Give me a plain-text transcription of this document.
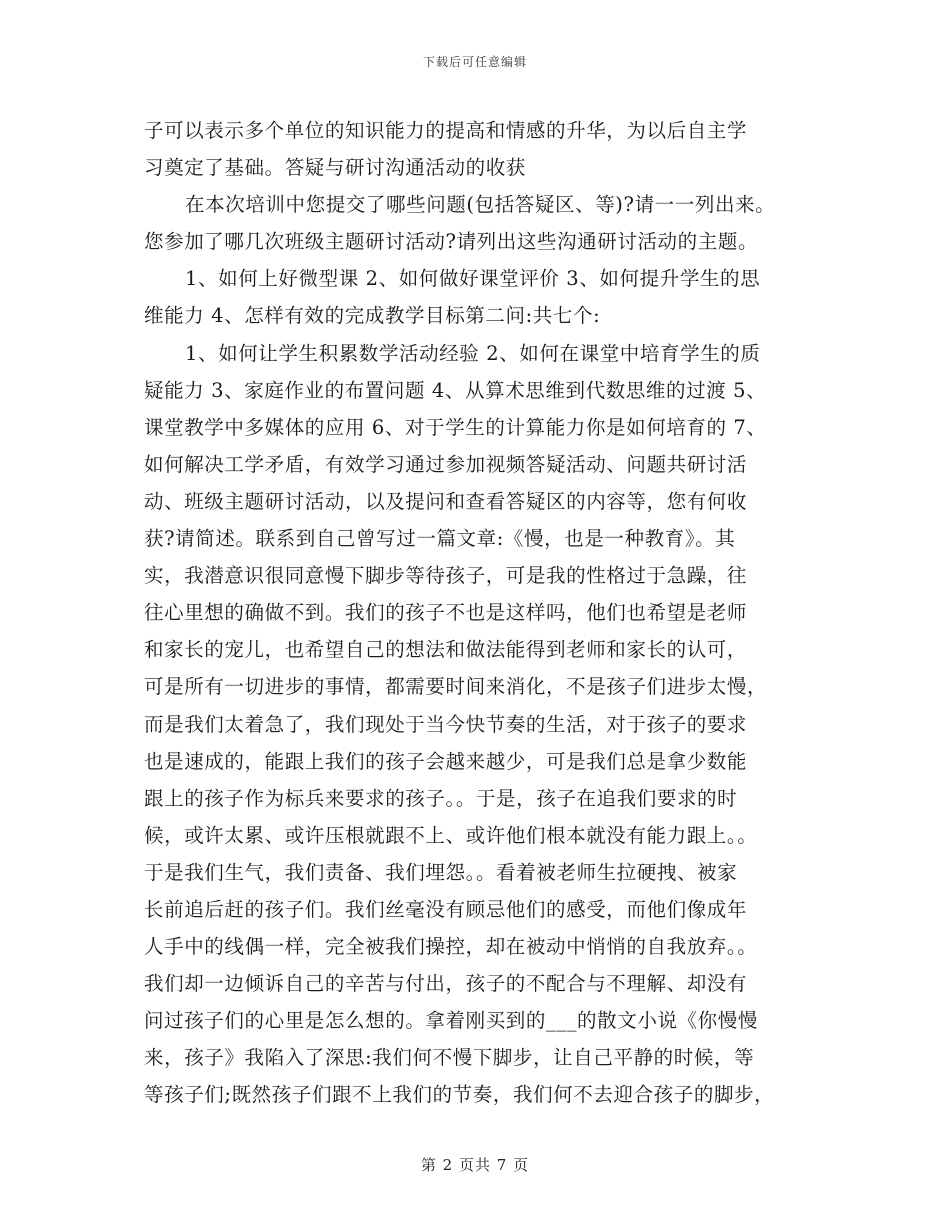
下载后可任意编辑
子可以表示多个单位的知识能力的提高和情感的升华，为以后自主学
习奠定了基础。答疑与研讨沟通活动的收获
在本次培训中您提交了哪些问题(包括答疑区、等)?请一一列出来。
您参加了哪几次班级主题研讨活动?请列出这些沟通研讨活动的主题。
1、如何上好微型课 2、如何做好课堂评价 3、如何提升学生的思
维能力 4、怎样有效的完成教学目标第二问:共七个:
1、如何让学生积累数学活动经验 2、如何在课堂中培育学生的质
疑能力 3、家庭作业的布置问题 4、从算术思维到代数思维的过渡 5、
课堂教学中多媒体的应用 6、对于学生的计算能力你是如何培育的 7、
如何解决工学矛盾，有效学习通过参加视频答疑活动、问题共研讨活
动、班级主题研讨活动，以及提问和查看答疑区的内容等，您有何收
获?请简述。联系到自己曾写过一篇文章:《慢，也是一种教育》。其
实，我潜意识很同意慢下脚步等待孩子，可是我的性格过于急躁，往
往心里想的确做不到。我们的孩子不也是这样吗，他们也希望是老师
和家长的宠儿，也希望自己的想法和做法能得到老师和家长的认可，
可是所有一切进步的事情，都需要时间来消化，不是孩子们进步太慢，
而是我们太着急了，我们现处于当今快节奏的生活，对于孩子的要求
也是速成的，能跟上我们的孩子会越来越少，可是我们总是拿少数能
跟上的孩子作为标兵来要求的孩子。。于是，孩子在追我们要求的时
候，或许太累、或许压根就跟不上、或许他们根本就没有能力跟上。。
于是我们生气，我们责备、我们埋怨。。看着被老师生拉硬拽、被家
长前追后赶的孩子们。我们丝毫没有顾忌他们的感受，而他们像成年
人手中的线偶一样，完全被我们操控，却在被动中悄悄的自我放弃。。
我们却一边倾诉自己的辛苦与付出，孩子的不配合与不理解、却没有
问过孩子们的心里是怎么想的。拿着刚买到的___的散文小说《你慢慢
来，孩子》我陷入了深思:我们何不慢下脚步，让自己平静的时候，等
等孩子们;既然孩子们跟不上我们的节奏，我们何不去迎合孩子的脚步，
第 2 页共 7 页
